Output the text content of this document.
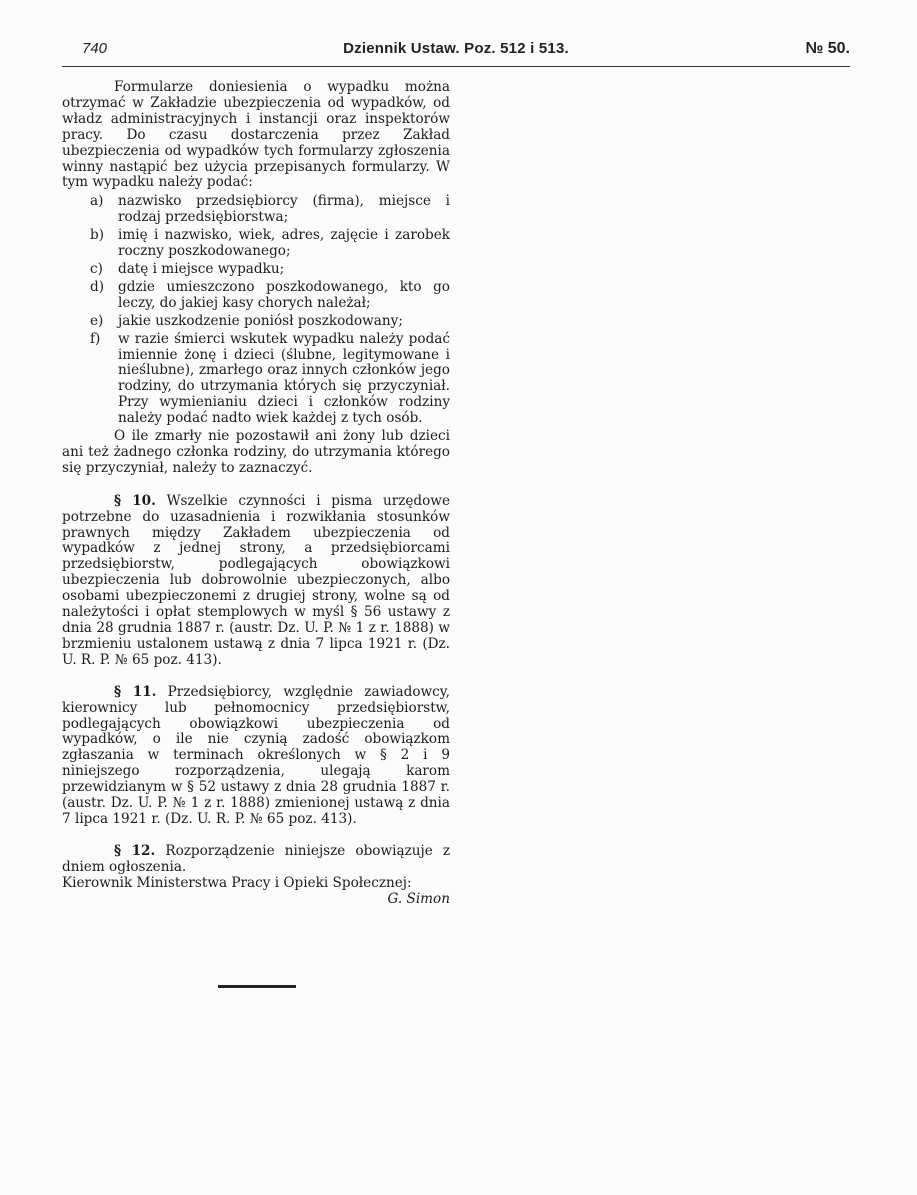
740	Dziennik Ustaw. Poz. 512 i 513.	№ 50.

Formularze doniesienia o wypadku można otrzymać w Zakładzie ubezpieczenia od wypadków, od władz administracyjnych i instancji oraz inspektorów pracy. Do czasu dostarczenia przez Zakład ubezpieczenia od wypadków tych formularzy zgłoszenia winny nastąpić bez użycia przepisanych formularzy. W tym wypadku należy podać:

a)	nazwisko przedsiębiorcy (firma), miejsce i rodzaj przedsiębiorstwa;
b)	imię i nazwisko, wiek, adres, zajęcie i zarobek roczny poszkodowanego;
c)	datę i miejsce wypadku;
d)	gdzie umieszczono poszkodowanego, kto go leczy, do jakiej kasy chorych należał;
e)	jakie uszkodzenie poniósł poszkodowany;
f)	w razie śmierci wskutek wypadku należy podać imiennie żonę i dzieci (ślubne, legitymowane i nieślubne), zmarłego oraz innych członków jego rodziny, do utrzymania których się przyczyniał. Przy wymienianiu dzieci i członków rodziny należy podać nadto wiek każdej z tych osób.

O ile zmarły nie pozostawił ani żony lub dzieci ani też żadnego członka rodziny, do utrzymania którego się przyczyniał, należy to zaznaczyć.

§ 10. Wszelkie czynności i pisma urzędowe potrzebne do uzasadnienia i rozwikłania stosunków prawnych między Zakładem ubezpieczenia od wypadków z jednej strony, a przedsiębiorcami przedsiębiorstw, podlegających obowiązkowi ubezpieczenia lub dobrowolnie ubezpieczonych, albo osobami ubezpieczonemi z drugiej strony, wolne są od należytości i opłat stemplowych w myśl § 56 ustawy z dnia 28 grudnia 1887 r. (austr. Dz. U. P. № 1 z r. 1888) w brzmieniu ustalonem ustawą z dnia 7 lipca 1921 r. (Dz. U. R. P. № 65 poz. 413).

§ 11. Przedsiębiorcy, względnie zawiadowcy, kierownicy lub pełnomocnicy przedsiębiorstw, podlegających obowiązkowi ubezpieczenia od wypadków, o ile nie czynią zadość obowiązkom zgłaszania w terminach określonych w § 2 i 9 niniejszego rozporządzenia, ulegają karom przewidzianym w § 52 ustawy z dnia 28 grudnia 1887 r. (austr. Dz. U. P. № 1 z r. 1888) zmienionej ustawą z dnia 7 lipca 1921 r. (Dz. U. R. P. № 65 poz. 413).

§ 12. Rozporządzenie niniejsze obowiązuje z dniem ogłoszenia.

Kierownik Ministerstwa Pracy i Opieki Społecznej:

G. Simon
